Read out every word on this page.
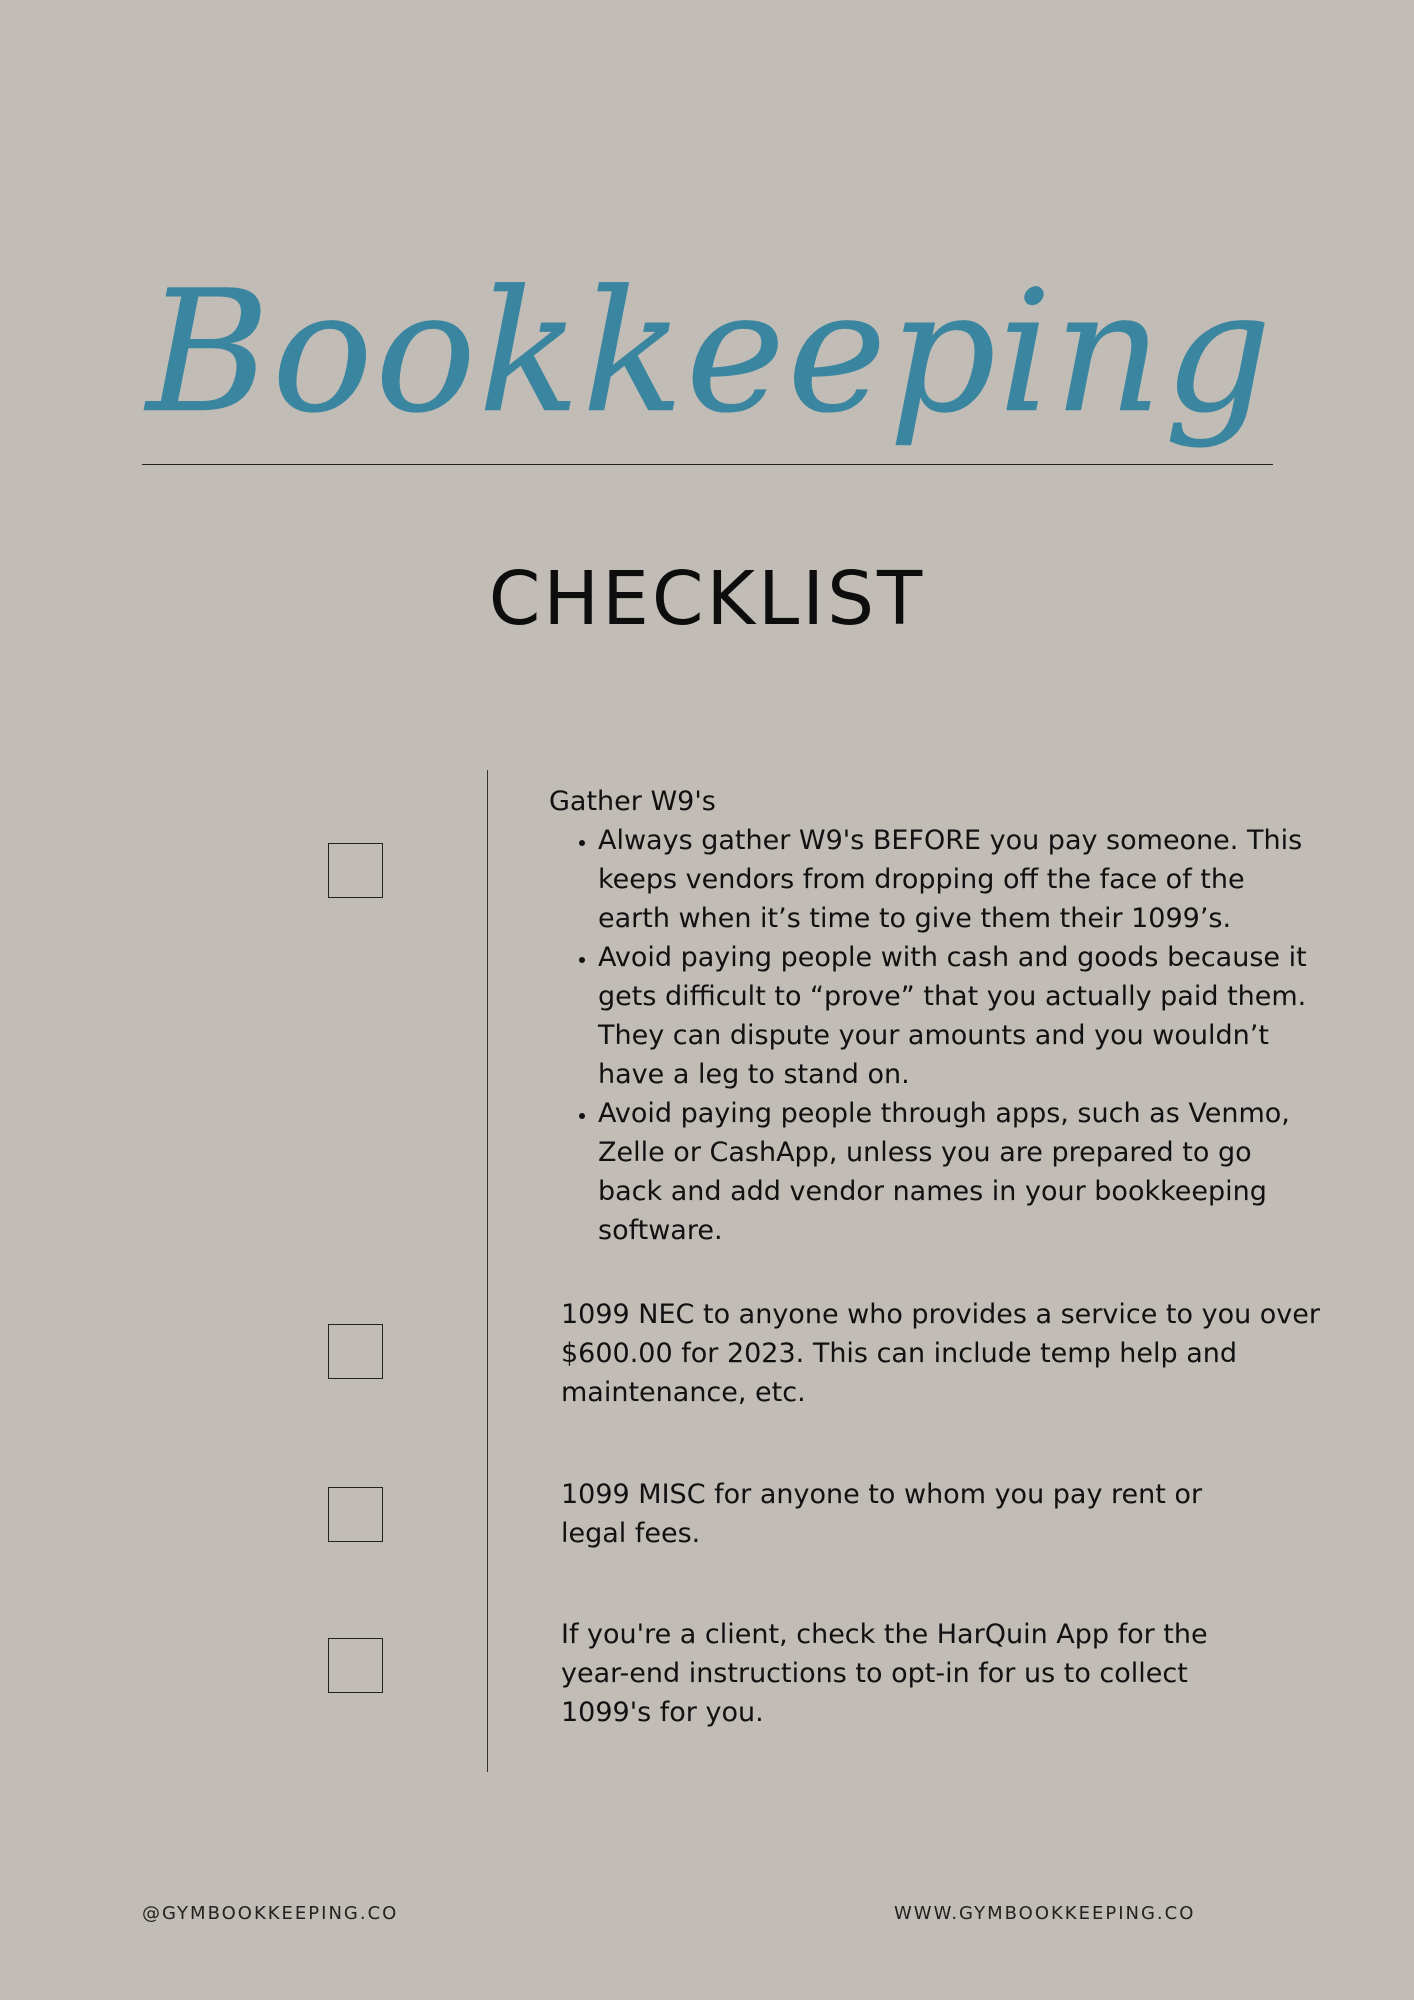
Bookkeeping
CHECKLIST

Gather W9's

• Always gather W9's BEFORE you pay someone. This keeps vendors from dropping off the face of the earth when it’s time to give them their 1099’s.
• Avoid paying people with cash and goods because it gets difficult to “prove” that you actually paid them. They can dispute your amounts and you wouldn’t have a leg to stand on.
• Avoid paying people through apps, such as Venmo, Zelle or CashApp, unless you are prepared to go back and add vendor names in your bookkeeping software.

1099 NEC to anyone who provides a service to you over $600.00 for 2023. This can include temp help and maintenance, etc.

1099 MISC for anyone to whom you pay rent or legal fees.

If you're a client, check the HarQuin App for the year-end instructions to opt-in for us to collect 1099's for you.

@GYMBOOKKEEPING.CO	WWW.GYMBOOKKEEPING.CO
